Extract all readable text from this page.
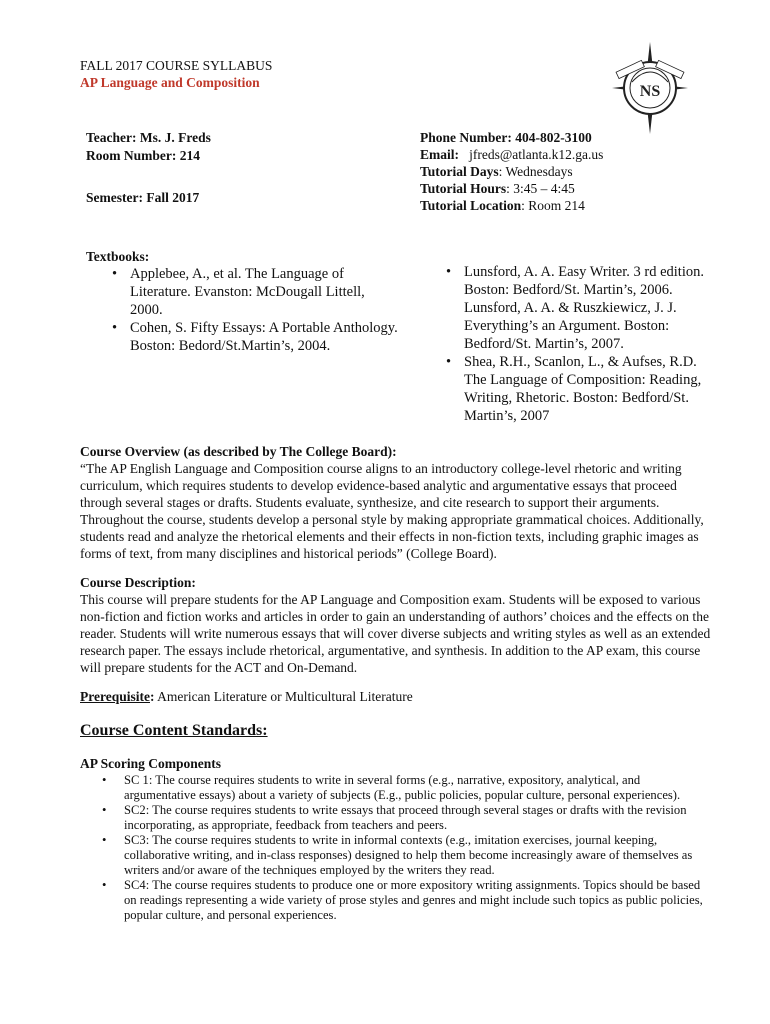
FALL 2017 COURSE SYLLABUS
AP Language and Composition
NS
Teacher: Ms. J. Freds
Room Number: 214
Semester: Fall 2017
Phone Number: 404-802-3100
Email: jfreds@atlanta.k12.ga.us
Tutorial Days: Wednesdays
Tutorial Hours: 3:45 – 4:45
Tutorial Location: Room 214
Textbooks:
• Applebee, A., et al. The Language of Literature. Evanston: McDougall Littell, 2000.
• Cohen, S. Fifty Essays: A Portable Anthology. Boston: Bedord/St.Martin’s, 2004.
• Lunsford, A. A. Easy Writer. 3 rd edition. Boston: Bedford/St. Martin’s, 2006. Lunsford, A. A. & Ruszkiewicz, J. J. Everything’s an Argument. Boston: Bedford/St. Martin’s, 2007.
• Shea, R.H., Scanlon, L., & Aufses, R.D. The Language of Composition: Reading, Writing, Rhetoric. Boston: Bedford/St. Martin’s, 2007
Course Overview (as described by The College Board):
“The AP English Language and Composition course aligns to an introductory college-level rhetoric and writing curriculum, which requires students to develop evidence-based analytic and argumentative essays that proceed through several stages or drafts. Students evaluate, synthesize, and cite research to support their arguments. Throughout the course, students develop a personal style by making appropriate grammatical choices. Additionally, students read and analyze the rhetorical elements and their effects in non-fiction texts, including graphic images as forms of text, from many disciplines and historical periods” (College Board).
Course Description:
This course will prepare students for the AP Language and Composition exam. Students will be exposed to various non-fiction and fiction works and articles in order to gain an understanding of authors’ choices and the effects on the reader. Students will write numerous essays that will cover diverse subjects and writing styles as well as an extended research paper. The essays include rhetorical, argumentative, and synthesis. In addition to the AP exam, this course will prepare students for the ACT and On-Demand.
Prerequisite: American Literature or Multicultural Literature
Course Content Standards:
AP Scoring Components
• SC 1: The course requires students to write in several forms (e.g., narrative, expository, analytical, and argumentative essays) about a variety of subjects (E.g., public policies, popular culture, personal experiences).
• SC2: The course requires students to write essays that proceed through several stages or drafts with the revision incorporating, as appropriate, feedback from teachers and peers.
• SC3: The course requires students to write in informal contexts (e.g., imitation exercises, journal keeping, collaborative writing, and in-class responses) designed to help them become increasingly aware of themselves as writers and/or aware of the techniques employed by the writers they read.
• SC4: The course requires students to produce one or more expository writing assignments. Topics should be based on readings representing a wide variety of prose styles and genres and might include such topics as public policies, popular culture, and personal experiences.
